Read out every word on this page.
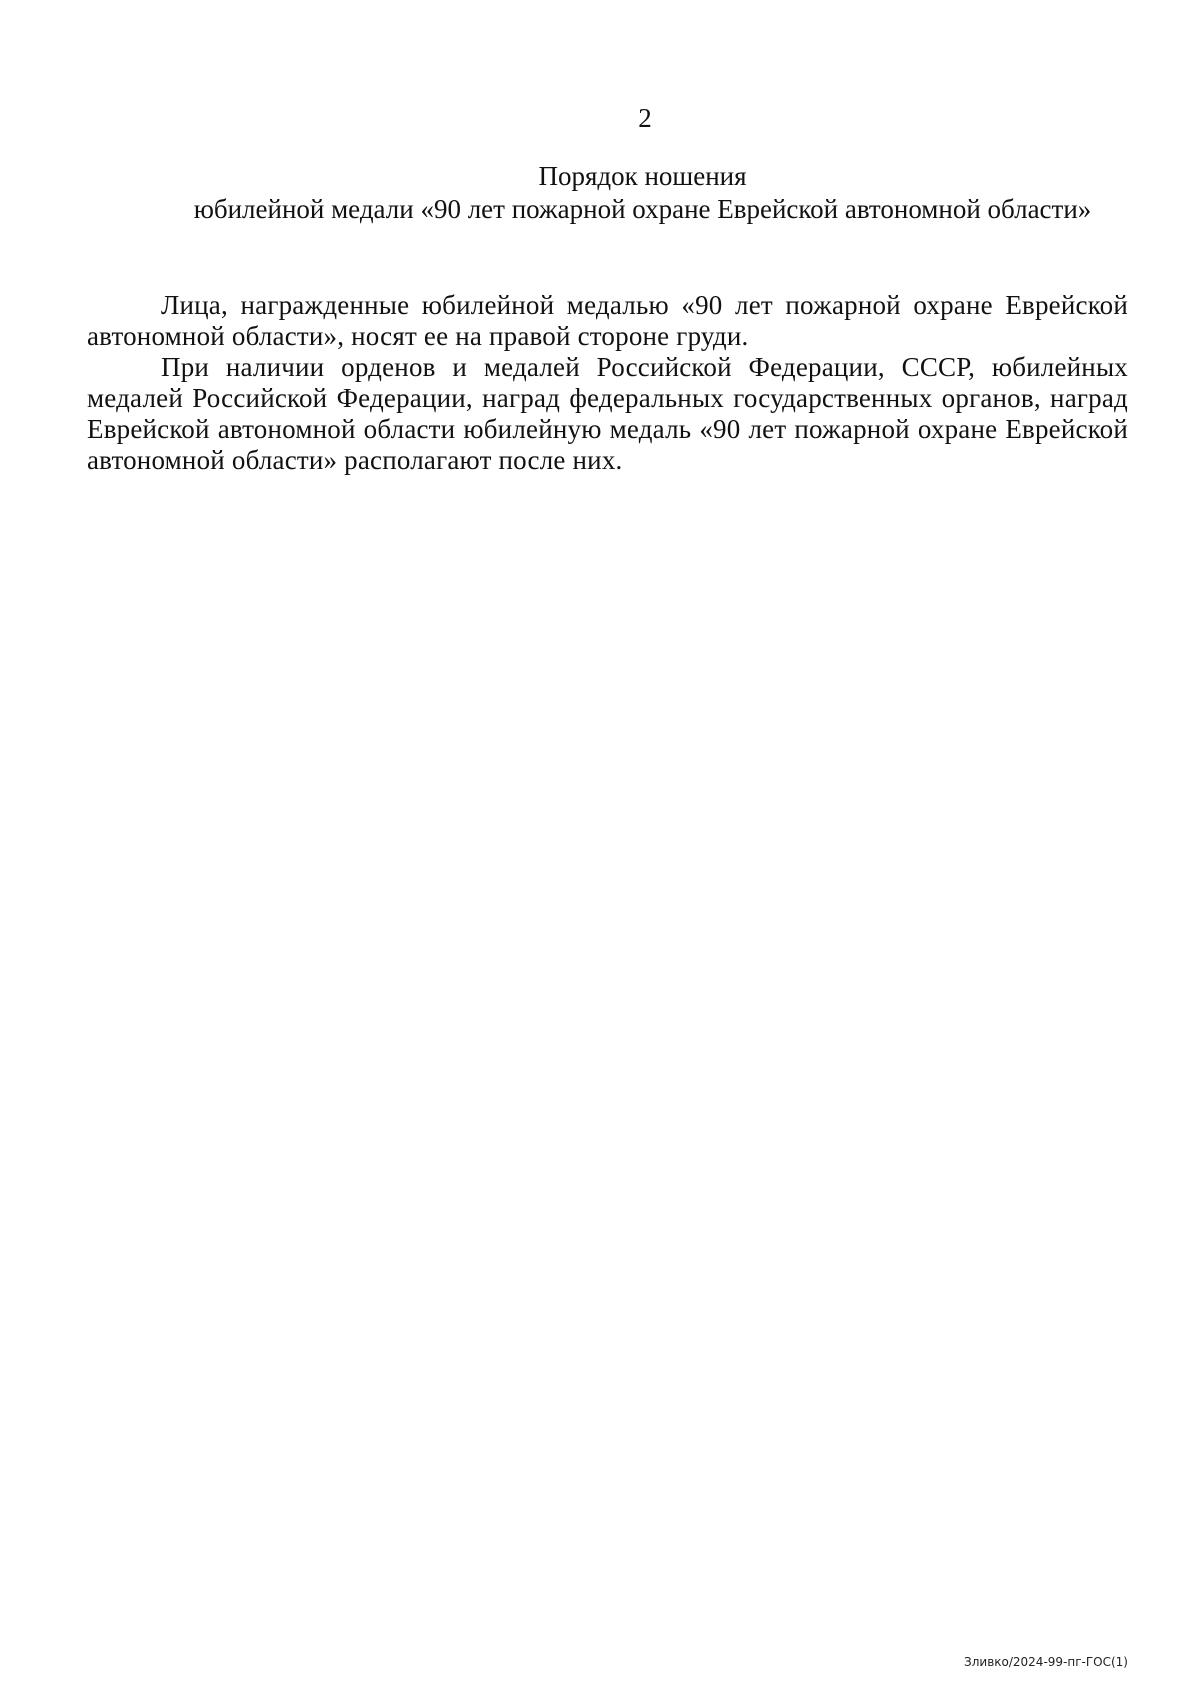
2
Порядок ношения
юбилейной медали «90 лет пожарной охране Еврейской автономной области»

Лица, награжденные юбилейной медалью «90 лет пожарной охране Еврейской автономной области», носят ее на правой стороне груди.

При наличии орденов и медалей Российской Федерации, СССР, юбилейных медалей Российской Федерации, наград федеральных государственных органов, наград Еврейской автономной области юбилейную медаль «90 лет пожарной охране Еврейской автономной области» располагают после них.

Зливко/2024-99-пг-ГОС(1)
